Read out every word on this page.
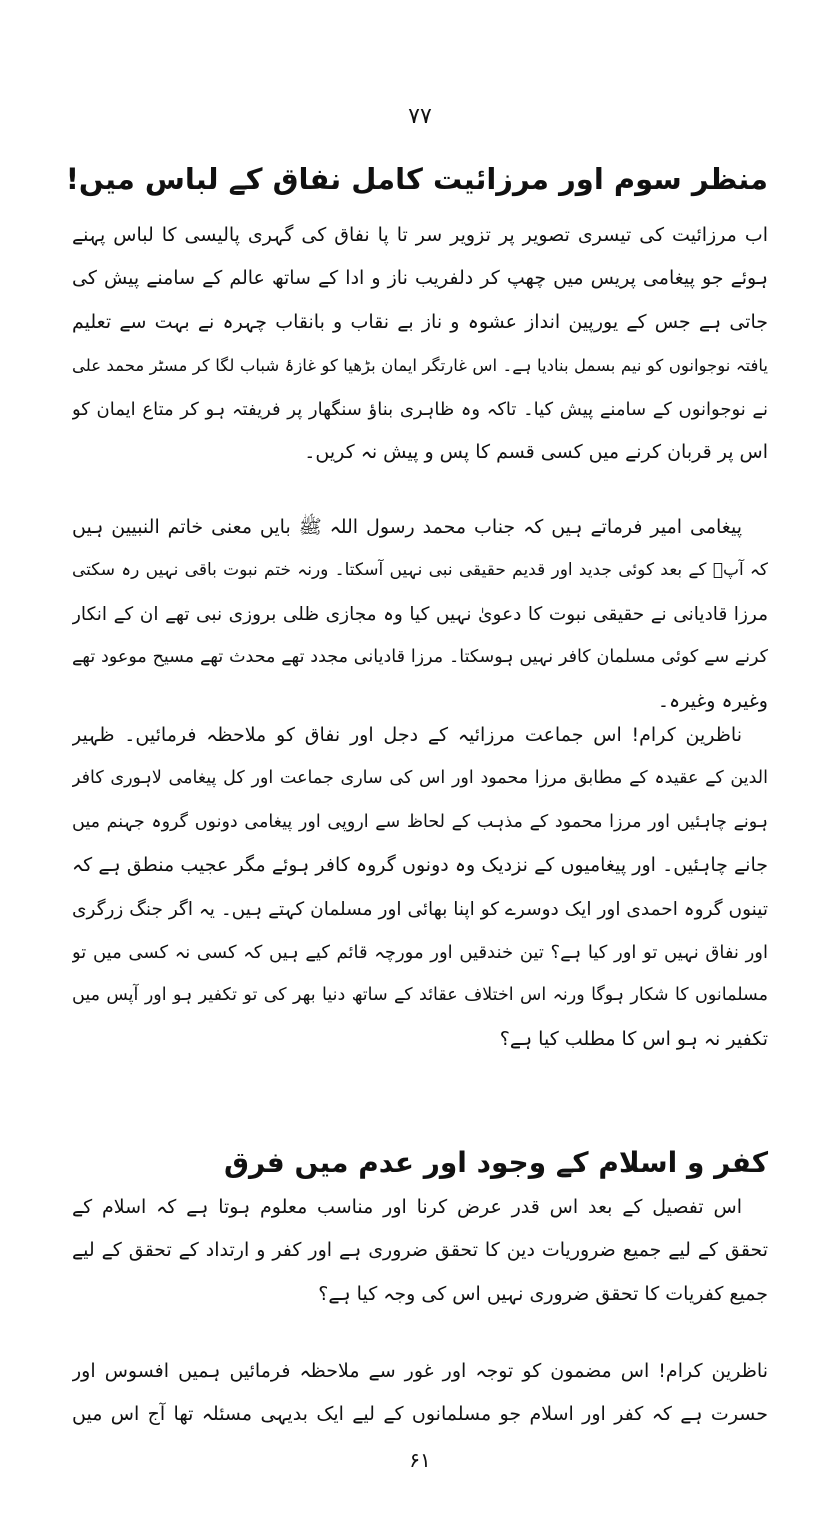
۷۷
منظر سوم اور مرزائیت کامل نفاق کے لباس میں!
اب مرزائیت کی تیسری تصویر پر تزویر سر تا پا نفاق کی گہری پالیسی کا لباس پہنے
ہوئے جو پیغامی پریس میں چھپ کر دلفریب ناز و ادا کے ساتھ عالم کے سامنے پیش کی
جاتی ہے جس کے یورپین انداز عشوہ و ناز بے نقاب و بانقاب چہرہ نے بہت سے تعلیم
یافتہ نوجوانوں کو نیم بسمل بنادیا ہے۔ اس غارتگر ایمان بڑھیا کو غازۂ شباب لگا کر مسٹر محمد علی
نے نوجوانوں کے سامنے پیش کیا۔ تاکہ وہ ظاہری بناؤ سنگھار پر فریفتہ ہو کر متاع ایمان کو
اس پر قربان کرنے میں کسی قسم کا پس و پیش نہ کریں۔
پیغامی امیر فرماتے ہیں کہ جناب محمد رسول اللہ ﷺ بایں معنی خاتم النبیین ہیں
کہ آپؐ کے بعد کوئی جدید اور قدیم حقیقی نبی نہیں آسکتا۔ ورنہ ختم نبوت باقی نہیں رہ سکتی
مرزا قادیانی نے حقیقی نبوت کا دعویٰ نہیں کیا وہ مجازی ظلی بروزی نبی تھے ان کے انکار
کرنے سے کوئی مسلمان کافر نہیں ہوسکتا۔ مرزا قادیانی مجدد تھے محدث تھے مسیح موعود تھے
وغیرہ وغیرہ۔
ناظرین کرام! اس جماعت مرزائیہ کے دجل اور نفاق کو ملاحظہ فرمائیں۔ ظہیر
الدین کے عقیدہ کے مطابق مرزا محمود اور اس کی ساری جماعت اور کل پیغامی لاہوری کافر
ہونے چاہئیں اور مرزا محمود کے مذہب کے لحاظ سے اروپی اور پیغامی دونوں گروہ جہنم میں
جانے چاہئیں۔ اور پیغامیوں کے نزدیک وہ دونوں گروہ کافر ہوئے مگر عجیب منطق ہے کہ
تینوں گروہ احمدی اور ایک دوسرے کو اپنا بھائی اور مسلمان کہتے ہیں۔ یہ اگر جنگ زرگری
اور نفاق نہیں تو اور کیا ہے؟ تین خندقیں اور مورچہ قائم کیے ہیں کہ کسی نہ کسی میں تو
مسلمانوں کا شکار ہوگا ورنہ اس اختلاف عقائد کے ساتھ دنیا بھر کی تو تکفیر ہو اور آپس میں
تکفیر نہ ہو اس کا مطلب کیا ہے؟
کفر و اسلام کے وجود اور عدم میں فرق
اس تفصیل کے بعد اس قدر عرض کرنا اور مناسب معلوم ہوتا ہے کہ اسلام کے
تحقق کے لیے جمیع ضروریات دین کا تحقق ضروری ہے اور کفر و ارتداد کے تحقق کے لیے
جمیع کفریات کا تحقق ضروری نہیں اس کی وجہ کیا ہے؟
ناظرین کرام! اس مضمون کو توجہ اور غور سے ملاحظہ فرمائیں ہمیں افسوس اور
حسرت ہے کہ کفر اور اسلام جو مسلمانوں کے لیے ایک بدیہی مسئلہ تھا آج اس میں
۶۱
